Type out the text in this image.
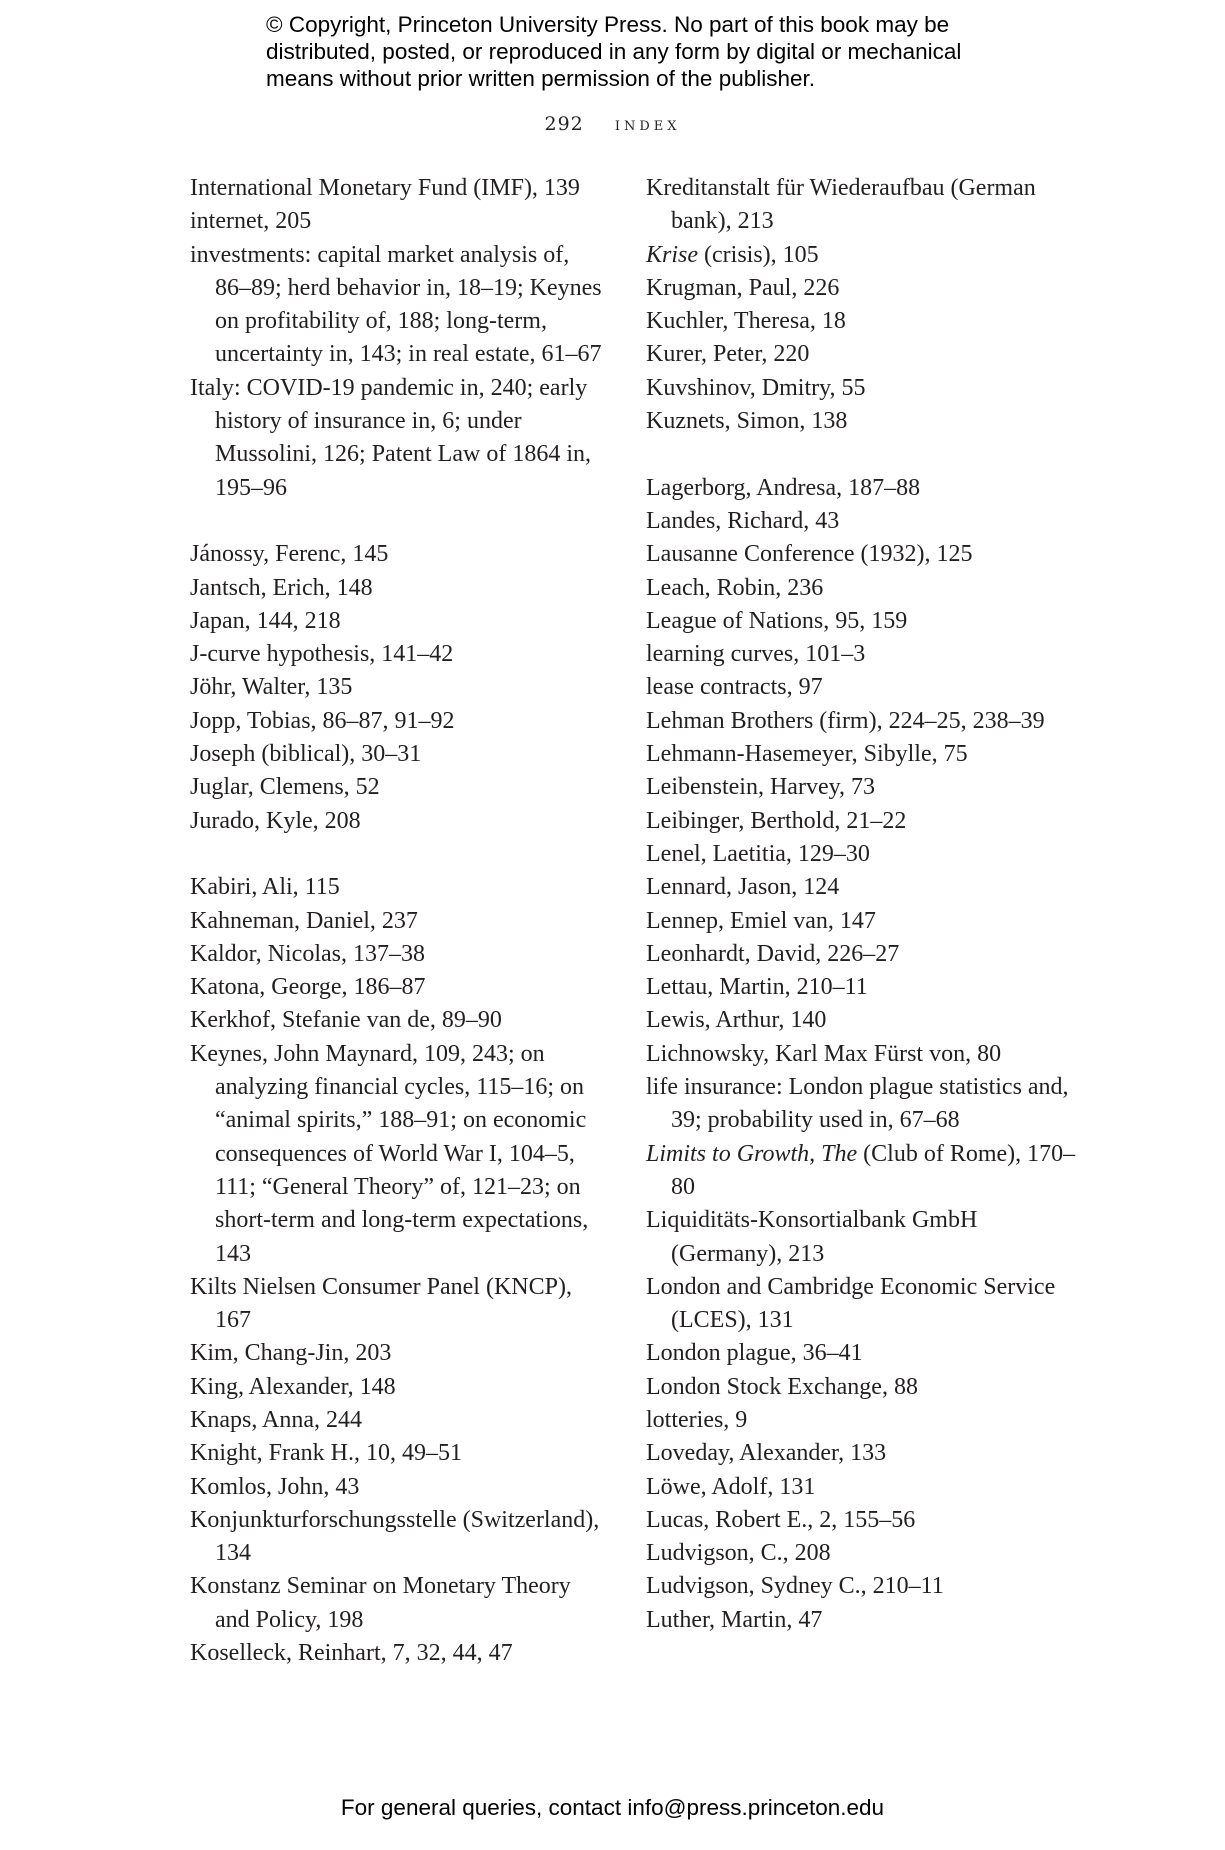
© Copyright, Princeton University Press. No part of this book may be
distributed, posted, or reproduced in any form by digital or mechanical
means without prior written permission of the publisher.
292 index
International Monetary Fund (IMF), 139
internet, 205
investments: capital market analysis of, 86–89; herd behavior in, 18–19; Keynes on profitability of, 188; long-term, uncertainty in, 143; in real estate, 61–67
Italy: COVID-19 pandemic in, 240; early history of insurance in, 6; under Mussolini, 126; Patent Law of 1864 in, 195–96
Jánossy, Ferenc, 145
Jantsch, Erich, 148
Japan, 144, 218
J-curve hypothesis, 141–42
Jöhr, Walter, 135
Jopp, Tobias, 86–87, 91–92
Joseph (biblical), 30–31
Juglar, Clemens, 52
Jurado, Kyle, 208
Kabiri, Ali, 115
Kahneman, Daniel, 237
Kaldor, Nicolas, 137–38
Katona, George, 186–87
Kerkhof, Stefanie van de, 89–90
Keynes, John Maynard, 109, 243; on analyzing financial cycles, 115–16; on “animal spirits,” 188–91; on economic consequences of World War I, 104–5, 111; “General Theory” of, 121–23; on short-term and long-term expectations, 143
Kilts Nielsen Consumer Panel (KNCP), 167
Kim, Chang-Jin, 203
King, Alexander, 148
Knaps, Anna, 244
Knight, Frank H., 10, 49–51
Komlos, John, 43
Konjunkturforschungsstelle (Switzerland), 134
Konstanz Seminar on Monetary Theory and Policy, 198
Koselleck, Reinhart, 7, 32, 44, 47
Kreditanstalt für Wiederaufbau (German bank), 213
Krise (crisis), 105
Krugman, Paul, 226
Kuchler, Theresa, 18
Kurer, Peter, 220
Kuvshinov, Dmitry, 55
Kuznets, Simon, 138
Lagerborg, Andresa, 187–88
Landes, Richard, 43
Lausanne Conference (1932), 125
Leach, Robin, 236
League of Nations, 95, 159
learning curves, 101–3
lease contracts, 97
Lehman Brothers (firm), 224–25, 238–39
Lehmann-Hasemeyer, Sibylle, 75
Leibenstein, Harvey, 73
Leibinger, Berthold, 21–22
Lenel, Laetitia, 129–30
Lennard, Jason, 124
Lennep, Emiel van, 147
Leonhardt, David, 226–27
Lettau, Martin, 210–11
Lewis, Arthur, 140
Lichnowsky, Karl Max Fürst von, 80
life insurance: London plague statistics and, 39; probability used in, 67–68
Limits to Growth, The (Club of Rome), 170–80
Liquiditäts-Konsortialbank GmbH (Germany), 213
London and Cambridge Economic Service (LCES), 131
London plague, 36–41
London Stock Exchange, 88
lotteries, 9
Loveday, Alexander, 133
Löwe, Adolf, 131
Lucas, Robert E., 2, 155–56
Ludvigson, C., 208
Ludvigson, Sydney C., 210–11
Luther, Martin, 47
For general queries, contact info@press.princeton.edu
